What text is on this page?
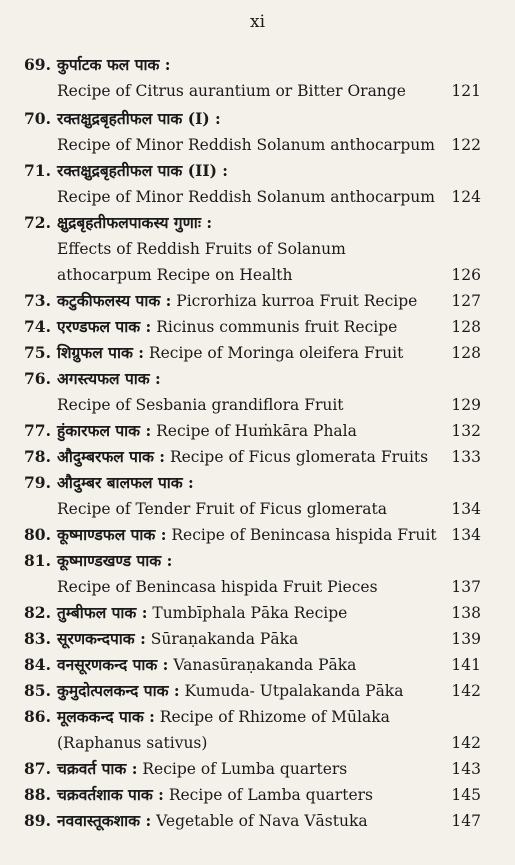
xi
69. कुर्पाटक फल पाक :
Recipe of Citrus aurantium or Bitter Orange	121
70. रक्तक्षुद्रबृहतीफल पाक (I) :
Recipe of Minor Reddish Solanum anthocarpum 122
71. रक्तक्षुद्रबृहतीफल पाक (II) :
Recipe of Minor Reddish Solanum anthocarpum 124
72. क्षुद्रबृहतीफलपाकस्य गुणाः :
Effects of Reddish Fruits of Solanum
athocarpum Recipe on Health	126
73. कटुकीफलस्य पाक : Picrorhiza kurroa Fruit Recipe 127
74. एरण्डफल पाक : Ricinus communis fruit Recipe	128
75. शिग्रुफल पाक : Recipe of Moringa oleifera Fruit	128
76. अगस्त्यफल पाक :
Recipe of Sesbania grandiflora Fruit	129
77. हुंकारफल पाक : Recipe of Huṁkāra Phala	132
78. औदुम्बरफल पाक : Recipe of Ficus glomerata Fruits 133
79. औदुम्बर बालफल पाक :
Recipe of Tender Fruit of Ficus glomerata	134
80. कूष्माण्डफल पाक : Recipe of Benincasa hispida Fruit 134
81. कूष्माण्डखण्ड पाक :
Recipe of Benincasa hispida Fruit Pieces	137
82. तुम्बीफल पाक : Tumbīphala Pāka Recipe	138
83. सूरणकन्दपाक : Sūraṇakanda Pāka	139
84. वनसूरणकन्द पाक : Vanasūraṇakanda Pāka	141
85. कुमुदोत्पलकन्द पाक : Kumuda- Utpalakanda Pāka	142
86. मूलककन्द पाक : Recipe of Rhizome of Mūlaka
(Raphanus sativus)	142
87. चक्रवर्त पाक : Recipe of Lumba quarters	143
88. चक्रवर्तशाक पाक : Recipe of Lamba quarters	145
89. नववास्तूकशाक : Vegetable of Nava Vāstuka	147
